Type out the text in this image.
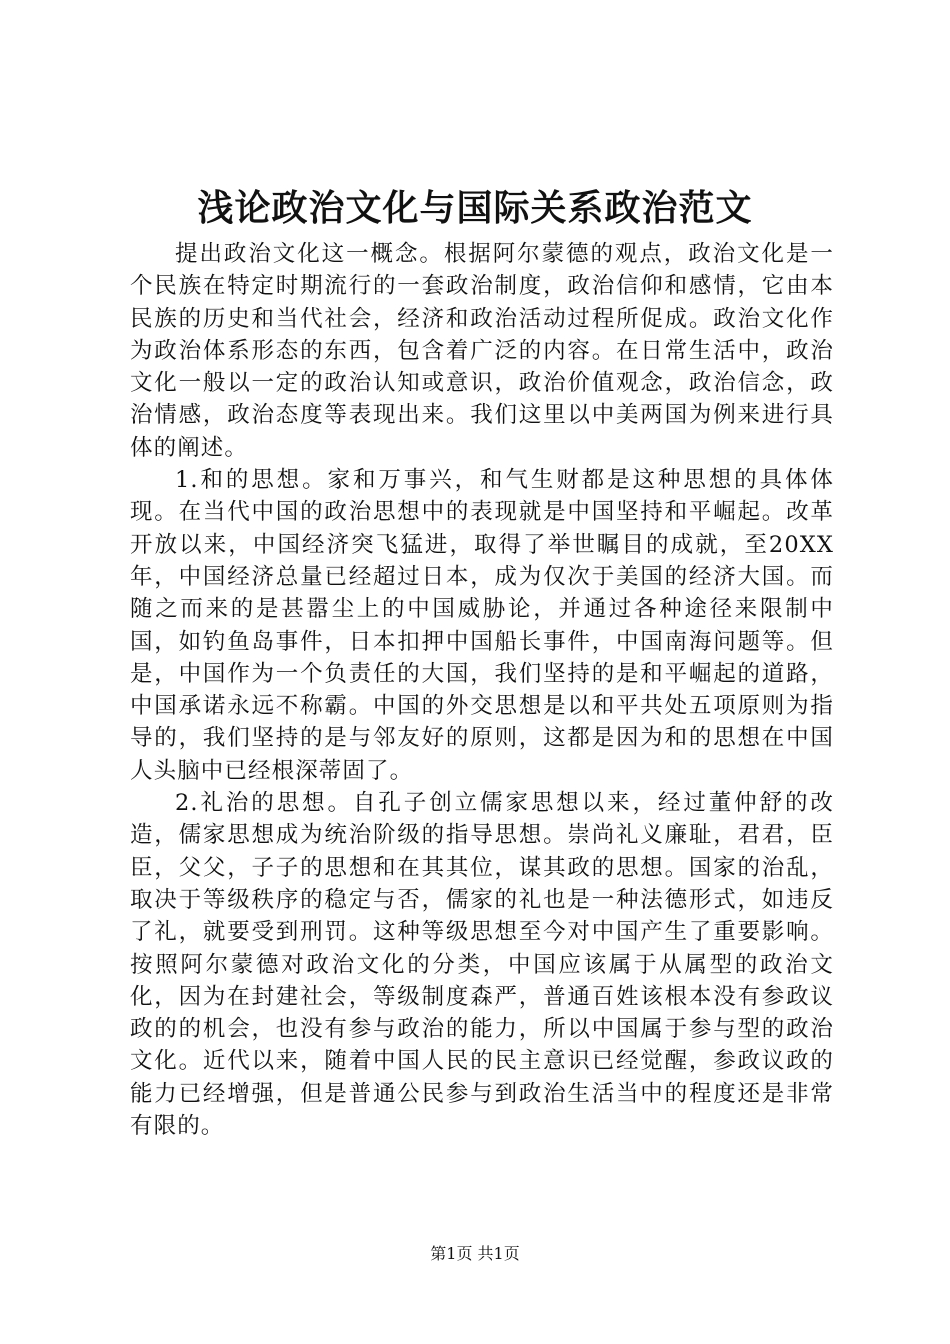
浅论政治文化与国际关系政治范文

提出政治文化这一概念。根据阿尔蒙德的观点，政治文化是一个民族在特定时期流行的一套政治制度，政治信仰和感情，它由本民族的历史和当代社会，经济和政治活动过程所促成。政治文化作为政治体系形态的东西，包含着广泛的内容。在日常生活中，政治文化一般以一定的政治认知或意识，政治价值观念，政治信念，政治情感，政治态度等表现出来。我们这里以中美两国为例来进行具体的阐述。

1.和的思想。家和万事兴，和气生财都是这种思想的具体体现。在当代中国的政治思想中的表现就是中国坚持和平崛起。改革开放以来，中国经济突飞猛进，取得了举世瞩目的成就，至20XX年，中国经济总量已经超过日本，成为仅次于美国的经济大国。而随之而来的是甚嚣尘上的中国威胁论，并通过各种途径来限制中国，如钓鱼岛事件，日本扣押中国船长事件，中国南海问题等。但是，中国作为一个负责任的大国，我们坚持的是和平崛起的道路，中国承诺永远不称霸。中国的外交思想是以和平共处五项原则为指导的，我们坚持的是与邻友好的原则，这都是因为和的思想在中国人头脑中已经根深蒂固了。

2.礼治的思想。自孔子创立儒家思想以来，经过董仲舒的改造，儒家思想成为统治阶级的指导思想。崇尚礼义廉耻，君君，臣臣，父父，子子的思想和在其其位，谋其政的思想。国家的治乱，取决于等级秩序的稳定与否，儒家的礼也是一种法德形式，如违反了礼，就要受到刑罚。这种等级思想至今对中国产生了重要影响。按照阿尔蒙德对政治文化的分类，中国应该属于从属型的政治文化，因为在封建社会，等级制度森严，普通百姓该根本没有参政议政的的机会，也没有参与政治的能力，所以中国属于参与型的政治文化。近代以来，随着中国人民的民主意识已经觉醒，参政议政的能力已经增强，但是普通公民参与到政治生活当中的程度还是非常有限的。

第1页 共1页
